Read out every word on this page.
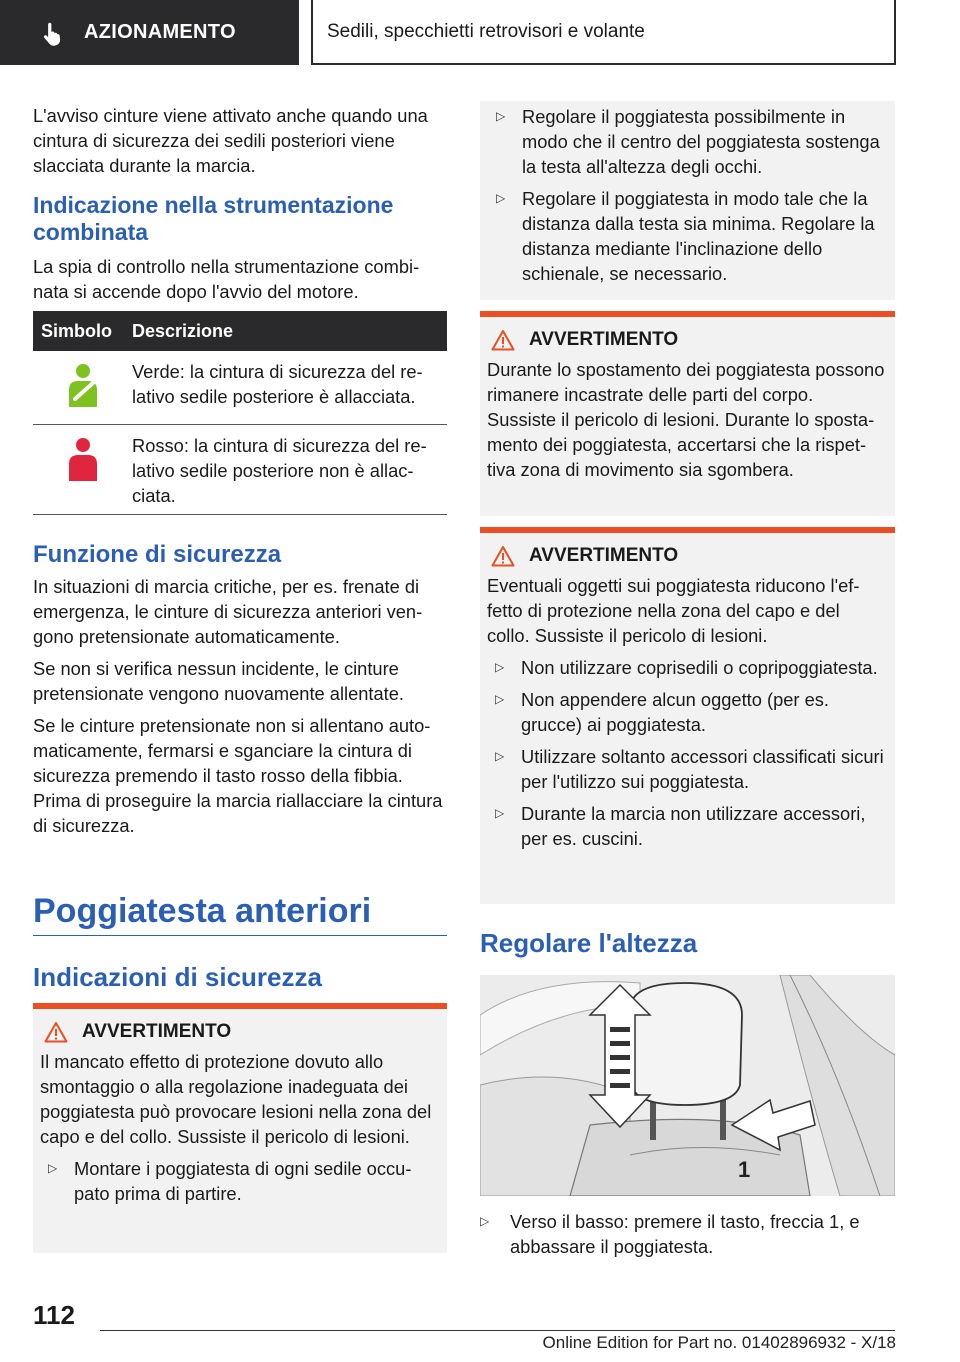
AZIONAMENTO	Sedili, specchietti retrovisori e volante

L'avviso cinture viene attivato anche quando una cintura di sicurezza dei sedili posteriori viene slacciata durante la marcia.

Indicazione nella strumentazione combinata

La spia di controllo nella strumentazione combinata si accende dopo l'avvio del motore.

Simbolo	Descrizione
Verde: la cintura di sicurezza del relativo sedile posteriore è allacciata.
Rosso: la cintura di sicurezza del relativo sedile posteriore non è allacciata.
Funzione di sicurezza

In situazioni di marcia critiche, per es. frenate di emergenza, le cinture di sicurezza anteriori vengono pretensionate automaticamente.

Se non si verifica nessun incidente, le cinture pretensionate vengono nuovamente allentate.

Se le cinture pretensionate non si allentano automaticamente, fermarsi e sganciare la cintura di sicurezza premendo il tasto rosso della fibbia. Prima di proseguire la marcia riallacciare la cintura di sicurezza.

Poggiatesta anteriori
Indicazioni di sicurezza
AVVERTIMENTO

Il mancato effetto di protezione dovuto allo smontaggio o alla regolazione inadeguata dei poggiatesta può provocare lesioni nella zona del capo e del collo. Sussiste il pericolo di lesioni.

▷ Montare i poggiatesta di ogni sedile occupato prima di partire.
▷ Regolare il poggiatesta possibilmente in modo che il centro del poggiatesta sostenga la testa all'altezza degli occhi.
▷ Regolare il poggiatesta in modo tale che la distanza dalla testa sia minima. Regolare la distanza mediante l'inclinazione dello schienale, se necessario.
AVVERTIMENTO

Durante lo spostamento dei poggiatesta possono rimanere incastrate delle parti del corpo. Sussiste il pericolo di lesioni. Durante lo spostamento dei poggiatesta, accertarsi che la rispettiva zona di movimento sia sgombera.

AVVERTIMENTO

Eventuali oggetti sui poggiatesta riducono l'effetto di protezione nella zona del capo e del collo. Sussiste il pericolo di lesioni.

▷ Non utilizzare coprisedili o copripoggiatesta.
▷ Non appendere alcun oggetto (per es. grucce) ai poggiatesta.
▷ Utilizzare soltanto accessori classificati sicuri per l'utilizzo sui poggiatesta.
▷ Durante la marcia non utilizzare accessori, per es. cuscini.
Regolare l'altezza
1
▷	Verso il basso: premere il tasto, freccia 1, e abbassare il poggiatesta.
112
Online Edition for Part no. 01402896932 - X/18
